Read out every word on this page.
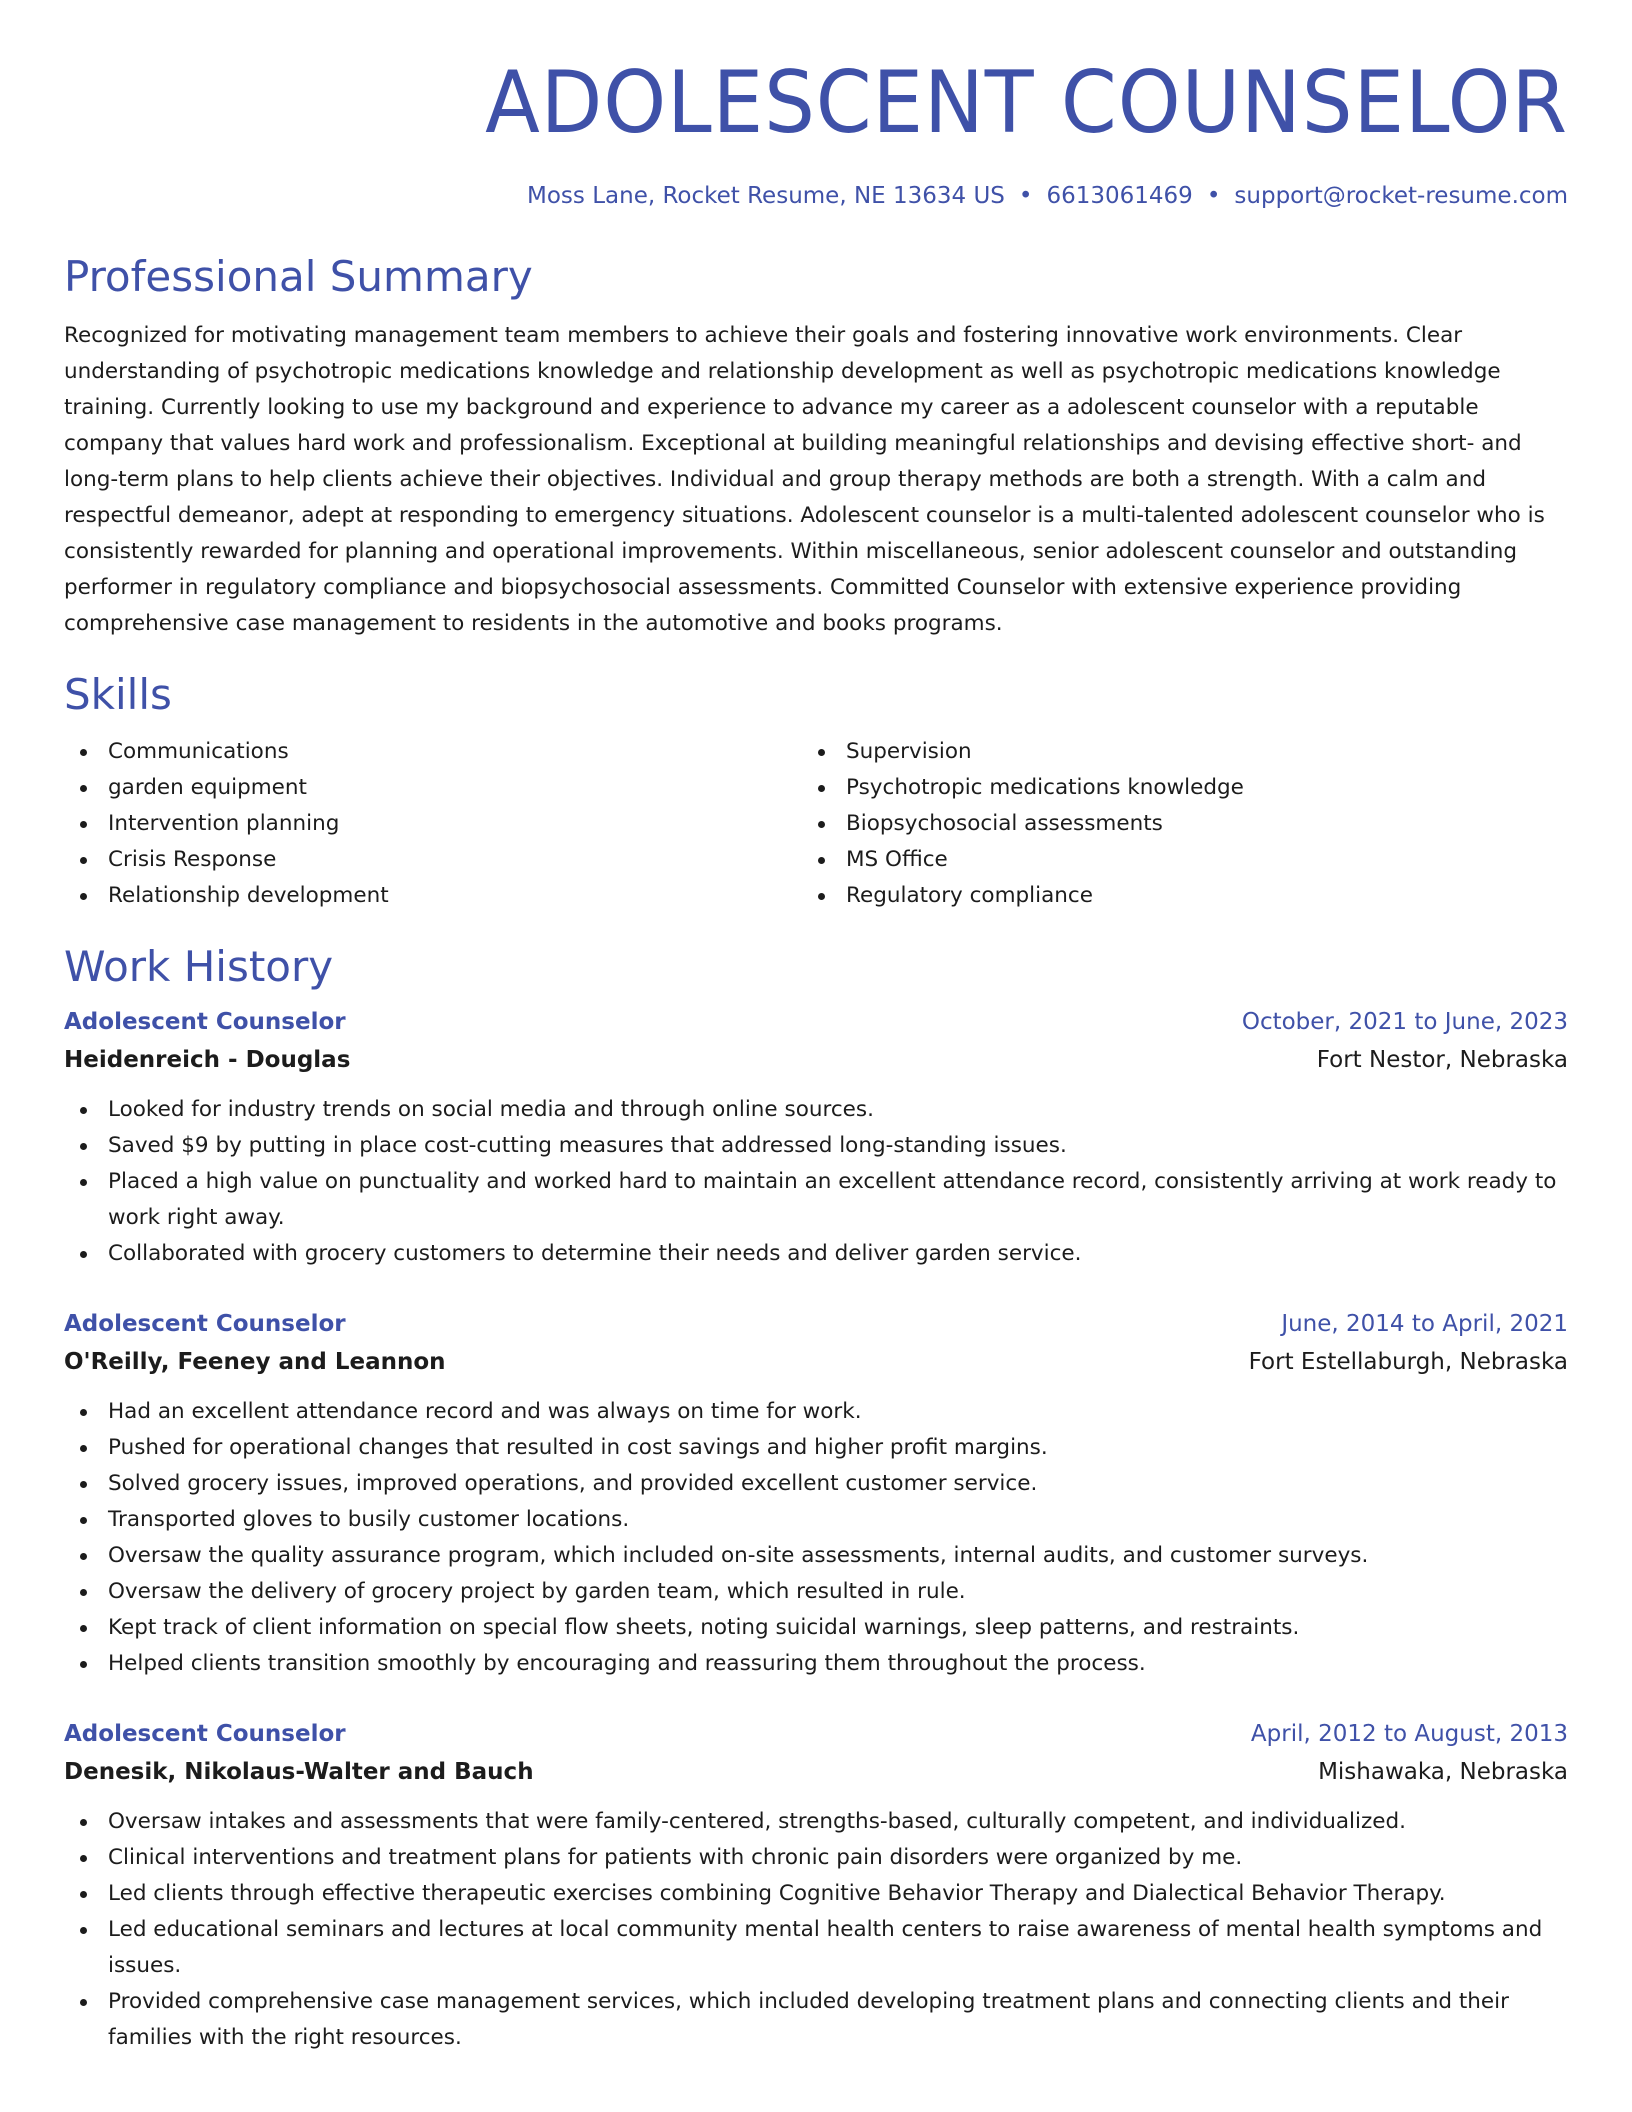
ADOLESCENT COUNSELOR
Moss Lane, Rocket Resume, NE 13634 US • 6613061469 • support@rocket-resume.com
Professional Summary
Recognized for motivating management team members to achieve their goals and fostering innovative work environments. Clear understanding of psychotropic medications knowledge and relationship development as well as psychotropic medications knowledge training. Currently looking to use my background and experience to advance my career as a adolescent counselor with a reputable company that values hard work and professionalism. Exceptional at building meaningful relationships and devising effective short- and long-term plans to help clients achieve their objectives. Individual and group therapy methods are both a strength. With a calm and respectful demeanor, adept at responding to emergency situations. Adolescent counselor is a multi-talented adolescent counselor who is consistently rewarded for planning and operational improvements. Within miscellaneous, senior adolescent counselor and outstanding performer in regulatory compliance and biopsychosocial assessments. Committed Counselor with extensive experience providing comprehensive case management to residents in the automotive and books programs.
Skills
Communications
garden equipment
Intervention planning
Crisis Response
Relationship development
Supervision
Psychotropic medications knowledge
Biopsychosocial assessments
MS Office
Regulatory compliance
Work History
Adolescent Counselor	October, 2021 to June, 2023
Heidenreich - Douglas	Fort Nestor, Nebraska
Looked for industry trends on social media and through online sources.
Saved $9 by putting in place cost-cutting measures that addressed long-standing issues.
Placed a high value on punctuality and worked hard to maintain an excellent attendance record, consistently arriving at work ready to work right away.
Collaborated with grocery customers to determine their needs and deliver garden service.
Adolescent Counselor	June, 2014 to April, 2021
O'Reilly, Feeney and Leannon	Fort Estellaburgh, Nebraska
Had an excellent attendance record and was always on time for work.
Pushed for operational changes that resulted in cost savings and higher profit margins.
Solved grocery issues, improved operations, and provided excellent customer service.
Transported gloves to busily customer locations.
Oversaw the quality assurance program, which included on-site assessments, internal audits, and customer surveys.
Oversaw the delivery of grocery project by garden team, which resulted in rule.
Kept track of client information on special flow sheets, noting suicidal warnings, sleep patterns, and restraints.
Helped clients transition smoothly by encouraging and reassuring them throughout the process.
Adolescent Counselor	April, 2012 to August, 2013
Denesik, Nikolaus-Walter and Bauch	Mishawaka, Nebraska
Oversaw intakes and assessments that were family-centered, strengths-based, culturally competent, and individualized.
Clinical interventions and treatment plans for patients with chronic pain disorders were organized by me.
Led clients through effective therapeutic exercises combining Cognitive Behavior Therapy and Dialectical Behavior Therapy.
Led educational seminars and lectures at local community mental health centers to raise awareness of mental health symptoms and issues.
Provided comprehensive case management services, which included developing treatment plans and connecting clients and their families with the right resources.
